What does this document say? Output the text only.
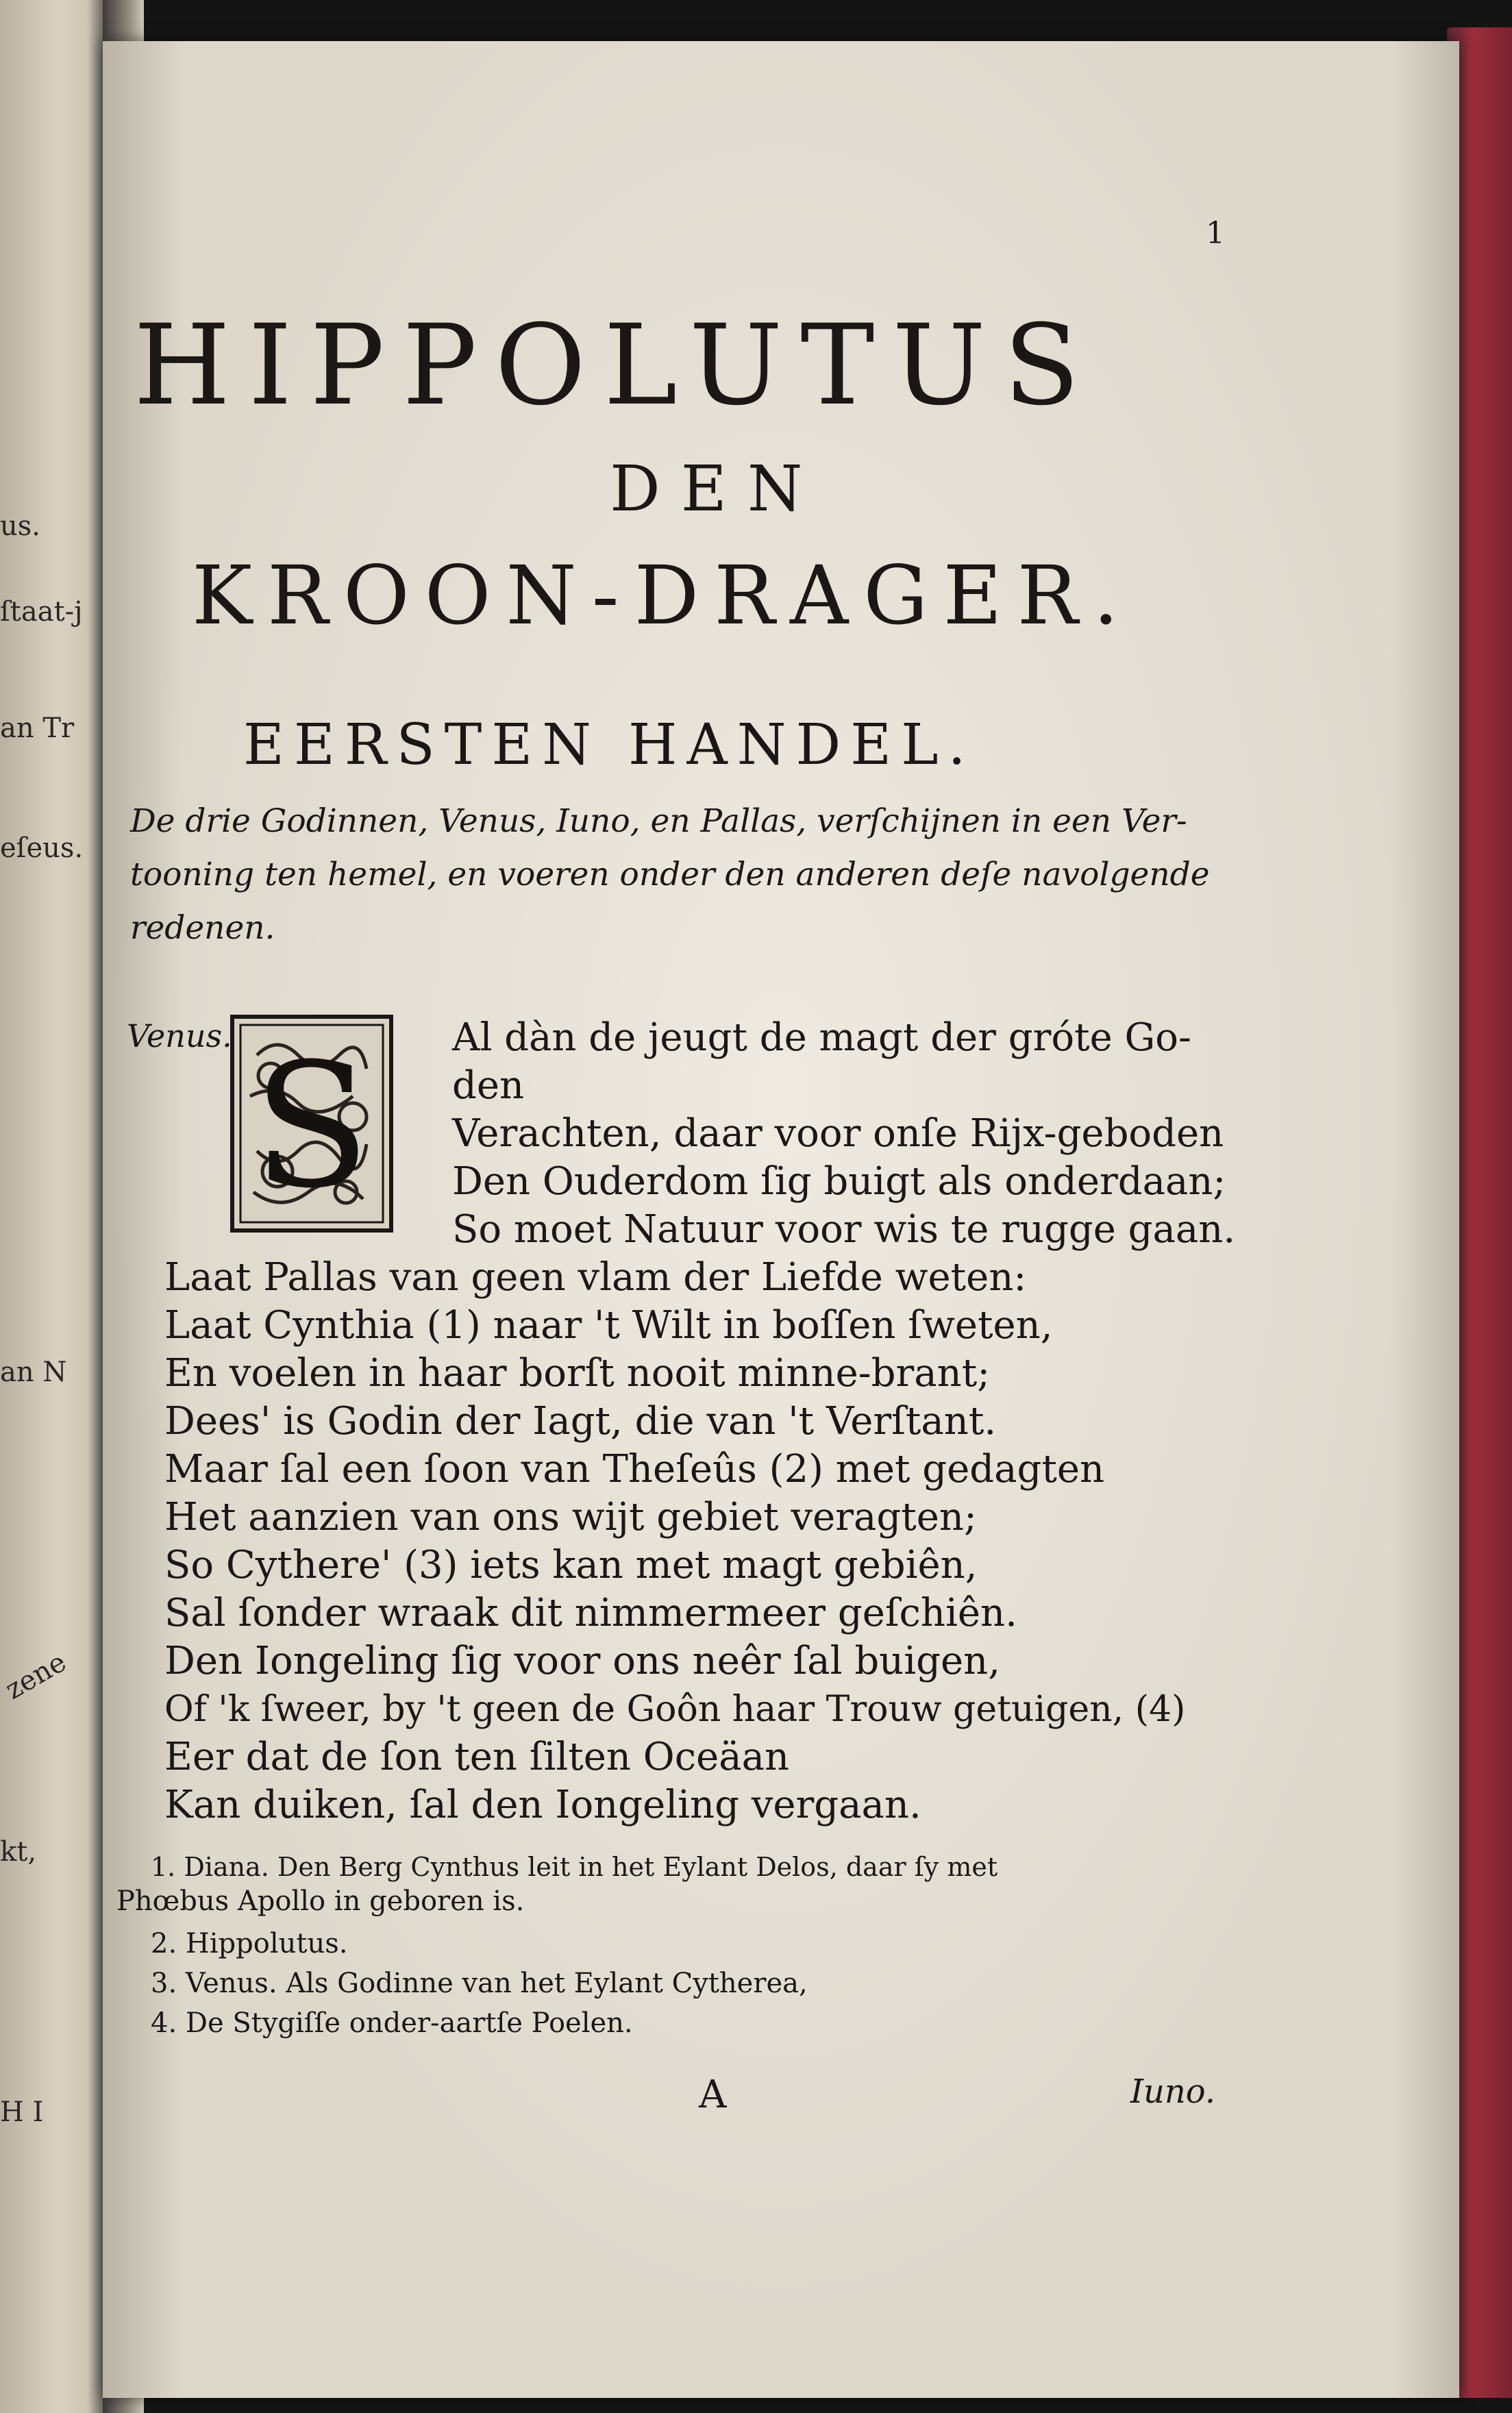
us.
ſtaat-j
an Tr
eſeus.
an N
zene
kt,
H I
1
HIPPOLUTUS
DEN
KROON-DRAGER.
EERSTEN HANDEL.
De drie Godinnen, Venus, Iuno, en Pallas, verſchijnen in een Ver-
tooning ten hemel, en voeren onder den anderen deſe navolgende
redenen.
Venus. S Al dàn de jeugt de magt der gróte Go-
den
Verachten, daar voor onſe Rijx-geboden
Den Ouderdom ſig buigt als onderdaan;
So moet Natuur voor wis te rugge gaan.
Laat Pallas van geen vlam der Liefde weten:
Laat Cynthia (1) naar 't Wilt in boſſen ſweten,
En voelen in haar borſt nooit minne-brant;
Dees' is Godin der Iagt, die van 't Verſtant.
Maar ſal een ſoon van Theſeûs (2) met gedagten
Het aanzien van ons wijt gebiet veragten;
So Cythere' (3) iets kan met magt gebiên,
Sal ſonder wraak dit nimmermeer geſchiên.
Den Iongeling ſig voor ons neêr ſal buigen,
Of 'k ſweer, by 't geen de Goôn haar Trouw getuigen, (4)
Eer dat de ſon ten ſilten Oceäan
Kan duiken, ſal den Iongeling vergaan.
1. Diana. Den Berg Cynthus leit in het Eylant Delos, daar ſy met
Phœbus Apollo in geboren is.
2. Hippolutus.
3. Venus. Als Godinne van het Eylant Cytherea,
4. De Stygiſſe onder-aartſe Poelen.
A	Iuno.
